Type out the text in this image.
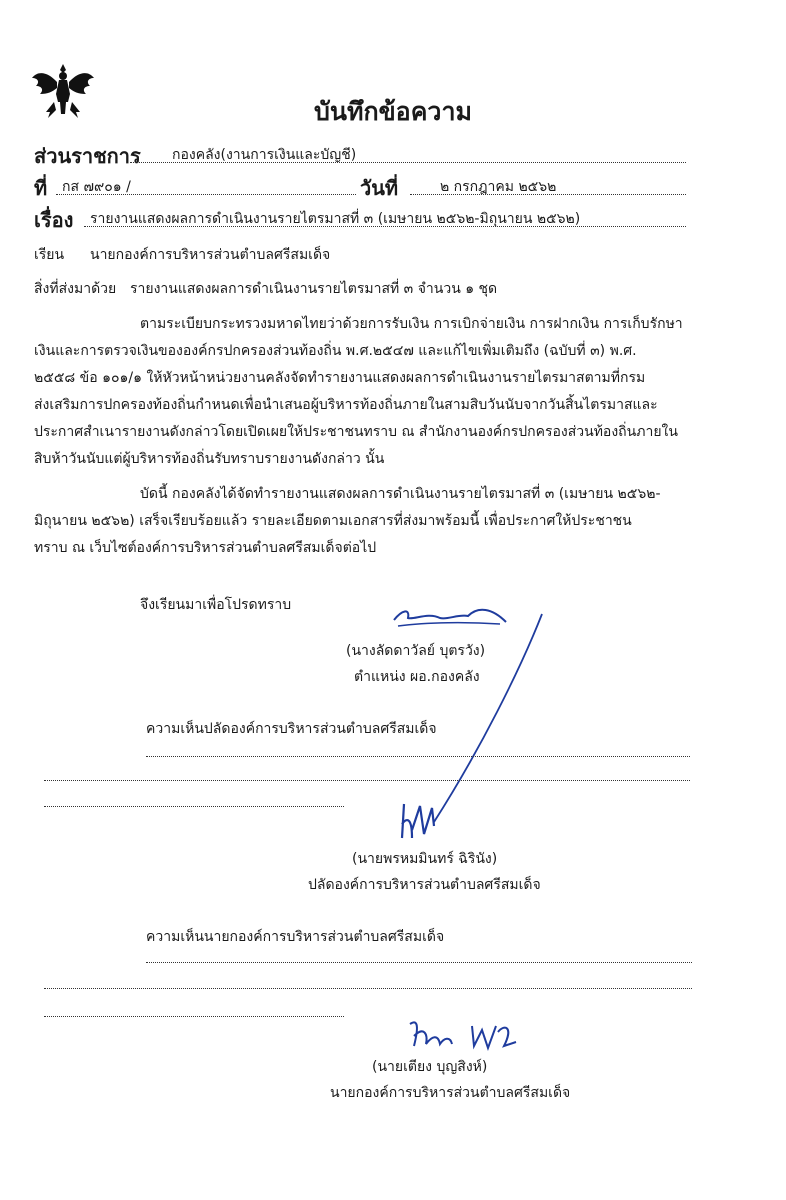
บันทึกข้อความ
ส่วนราชการ กองคลัง(งานการเงินและบัญชี)
ที่ กส ๗๙๐๑ /	วันที่	๒ กรกฎาคม ๒๕๖๒
เรื่อง รายงานแสดงผลการดำเนินงานรายไตรมาสที่ ๓ (เมษายน ๒๕๖๒-มิถุนายน ๒๕๖๒)
เรียน นายกองค์การบริหารส่วนตำบลศรีสมเด็จ
สิ่งที่ส่งมาด้วย รายงานแสดงผลการดำเนินงานรายไตรมาสที่ ๓ จำนวน ๑ ชุด
ตามระเบียบกระทรวงมหาดไทยว่าด้วยการรับเงิน การเบิกจ่ายเงิน การฝากเงิน การเก็บรักษา
เงินและการตรวจเงินขององค์กรปกครองส่วนท้องถิ่น พ.ศ.๒๕๔๗ และแก้ไขเพิ่มเติมถึง (ฉบับที่ ๓) พ.ศ.
๒๕๕๘ ข้อ ๑๐๑/๑ ให้หัวหน้าหน่วยงานคลังจัดทำรายงานแสดงผลการดำเนินงานรายไตรมาสตามที่กรม
ส่งเสริมการปกครองท้องถิ่นกำหนดเพื่อนำเสนอผู้บริหารท้องถิ่นภายในสามสิบวันนับจากวันสิ้นไตรมาสและ
ประกาศสำเนารายงานดังกล่าวโดยเปิดเผยให้ประชาชนทราบ ณ สำนักงานองค์กรปกครองส่วนท้องถิ่นภายใน
สิบห้าวันนับแต่ผู้บริหารท้องถิ่นรับทราบรายงานดังกล่าว นั้น
บัดนี้ กองคลังได้จัดทำรายงานแสดงผลการดำเนินงานรายไตรมาสที่ ๓ (เมษายน ๒๕๖๒-
มิถุนายน ๒๕๖๒) เสร็จเรียบร้อยแล้ว รายละเอียดตามเอกสารที่ส่งมาพร้อมนี้ เพื่อประกาศให้ประชาชน
ทราบ ณ เว็บไซต์องค์การบริหารส่วนตำบลศรีสมเด็จต่อไป
จึงเรียนมาเพื่อโปรดทราบ
(นางลัดดาวัลย์ บุตรวัง)
ตำแหน่ง ผอ.กองคลัง
ความเห็นปลัดองค์การบริหารส่วนตำบลศรีสมเด็จ
(นายพรหมมินทร์ ฉิรินัง)
ปลัดองค์การบริหารส่วนตำบลศรีสมเด็จ
ความเห็นนายกองค์การบริหารส่วนตำบลศรีสมเด็จ
(นายเตียง บุญสิงห์)
นายกองค์การบริหารส่วนตำบลศรีสมเด็จ
